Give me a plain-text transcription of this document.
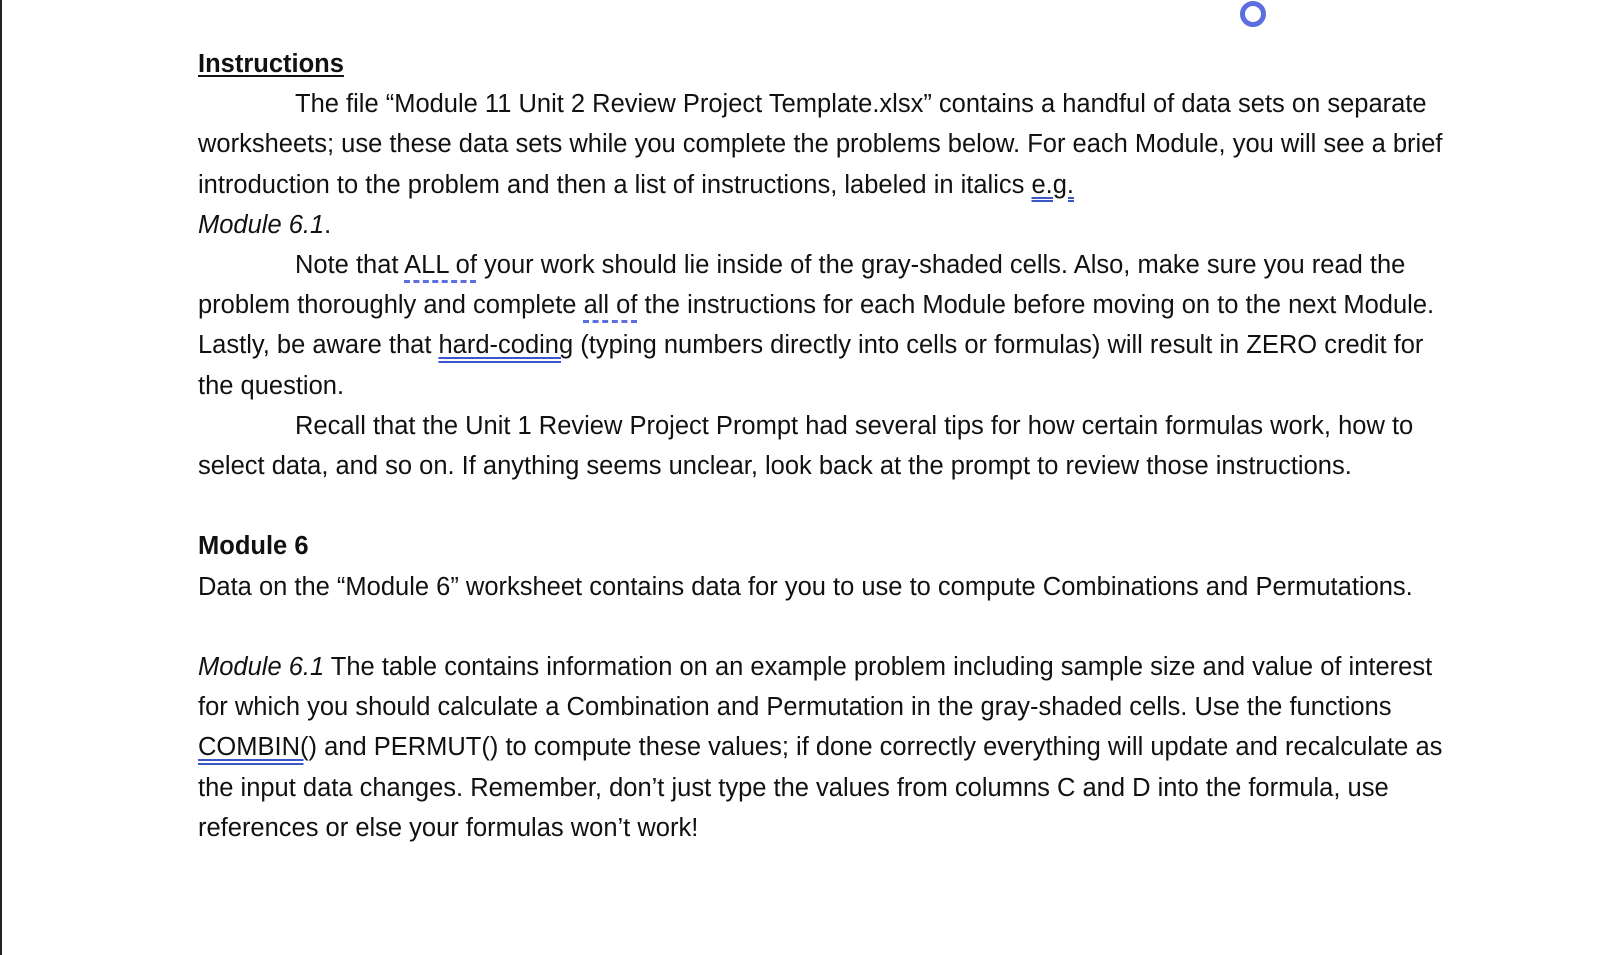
Instructions

The file “Module 11 Unit 2 Review Project Template.xlsx” contains a handful of data sets on separate worksheets; use these data sets while you complete the problems below. For each Module, you will see a brief introduction to the problem and then a list of instructions, labeled in italics e.g.
Module 6.1.

Note that ALL of your work should lie inside of the gray-shaded cells. Also, make sure you read the problem thoroughly and complete all of the instructions for each Module before moving on to the next Module. Lastly, be aware that hard-coding (typing numbers directly into cells or formulas) will result in ZERO credit for the question.

Recall that the Unit 1 Review Project Prompt had several tips for how certain formulas work, how to select data, and so on. If anything seems unclear, look back at the prompt to review those instructions.

Module 6

Data on the “Module 6” worksheet contains data for you to use to compute Combinations and Permutations.

Module 6.1 The table contains information on an example problem including sample size and value of interest for which you should calculate a Combination and Permutation in the gray-shaded cells. Use the functions COMBIN() and PERMUT() to compute these values; if done correctly everything will update and recalculate as the input data changes. Remember, don’t just type the values from columns C and D into the formula, use references or else your formulas won’t work!
